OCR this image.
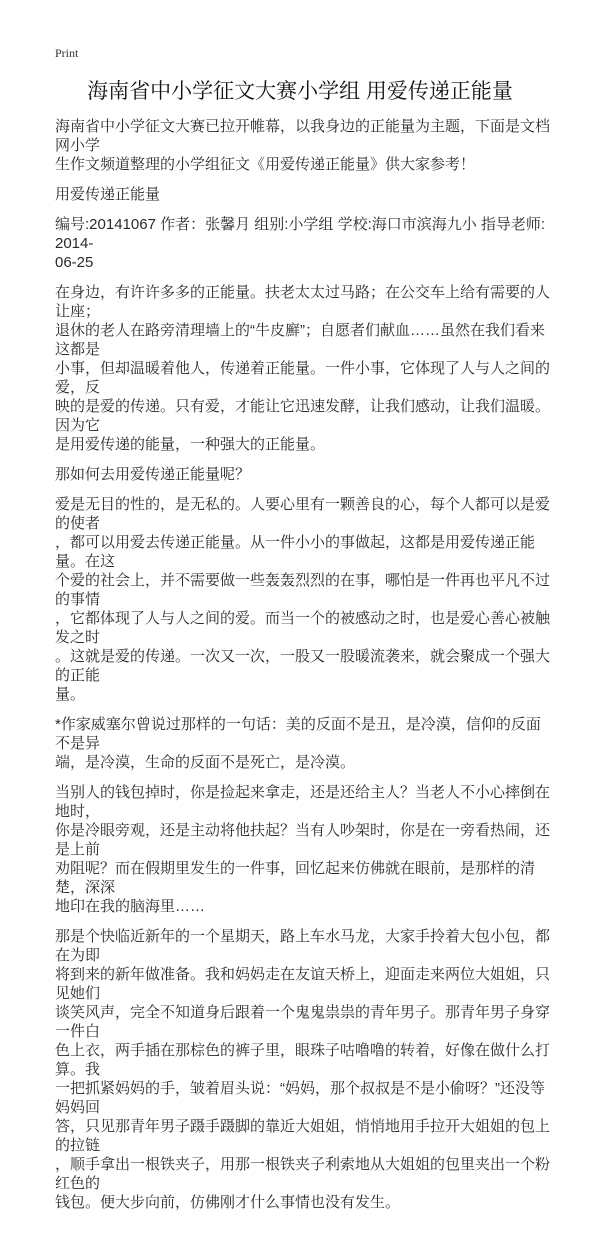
Print
海南省中小学征文大赛小学组 用爱传递正能量
海南省中小学征文大赛已拉开帷幕，以我身边的正能量为主题，下面是文档网小学
生作文频道整理的小学组征文《用爱传递正能量》供大家参考！
用爱传递正能量
编号:20141067 作者：张馨月 组别:小学组 学校:海口市滨海九小 指导老师: 2014-
06-25
在身边，有许许多多的正能量。扶老太太过马路；在公交车上给有需要的人让座；
退休的老人在路旁清理墙上的“牛皮廯”；自愿者们献血……虽然在我们看来这都是
小事，但却温暖着他人，传递着正能量。一件小事，它体现了人与人之间的爱，反
映的是爱的传递。只有爱，才能让它迅速发酵，让我们感动，让我们温暖。因为它
是用爱传递的能量，一种强大的正能量。
那如何去用爱传递正能量呢？
爱是无目的性的，是无私的。人要心里有一颗善良的心，每个人都可以是爱的使者
，都可以用爱去传递正能量。从一件小小的事做起，这都是用爱传递正能量。在这
个爱的社会上，并不需要做一些轰轰烈烈的在事，哪怕是一件再也平凡不过的事情
，它都体现了人与人之间的爱。而当一个的被感动之时，也是爱心善心被触发之时
。这就是爱的传递。一次又一次，一股又一股暖流袭来，就会聚成一个强大的正能
量。
*作家威塞尔曾说过那样的一句话：美的反面不是丑，是冷漠，信仰的反面不是异
端，是冷漠，生命的反面不是死亡，是冷漠。
当别人的钱包掉时，你是捡起来拿走，还是还给主人？当老人不小心摔倒在地时，
你是冷眼旁观，还是主动将他扶起？当有人吵架时，你是在一旁看热闹，还是上前
劝阻呢？而在假期里发生的一件事，回忆起来仿佛就在眼前，是那样的清楚，深深
地印在我的脑海里……
那是个快临近新年的一个星期天，路上车水马龙，大家手拎着大包小包，都在为即
将到来的新年做准备。我和妈妈走在友谊天桥上，迎面走来两位大姐姐，只见她们
谈笑风声，完全不知道身后跟着一个鬼鬼祟祟的青年男子。那青年男子身穿一件白
色上衣，两手插在那棕色的裤子里，眼珠子咕噜噜的转着，好像在做什么打算。我
一把抓紧妈妈的手，皱着眉头说：“妈妈，那个叔叔是不是小偷呀？”还没等妈妈回
答，只见那青年男子蹑手蹑脚的靠近大姐姐，悄悄地用手拉开大姐姐的包上的拉链
，顺手拿出一根铁夹子，用那一根铁夹子利索地从大姐姐的包里夹出一个粉红色的
钱包。便大步向前，仿佛刚才什么事情也没有发生。
